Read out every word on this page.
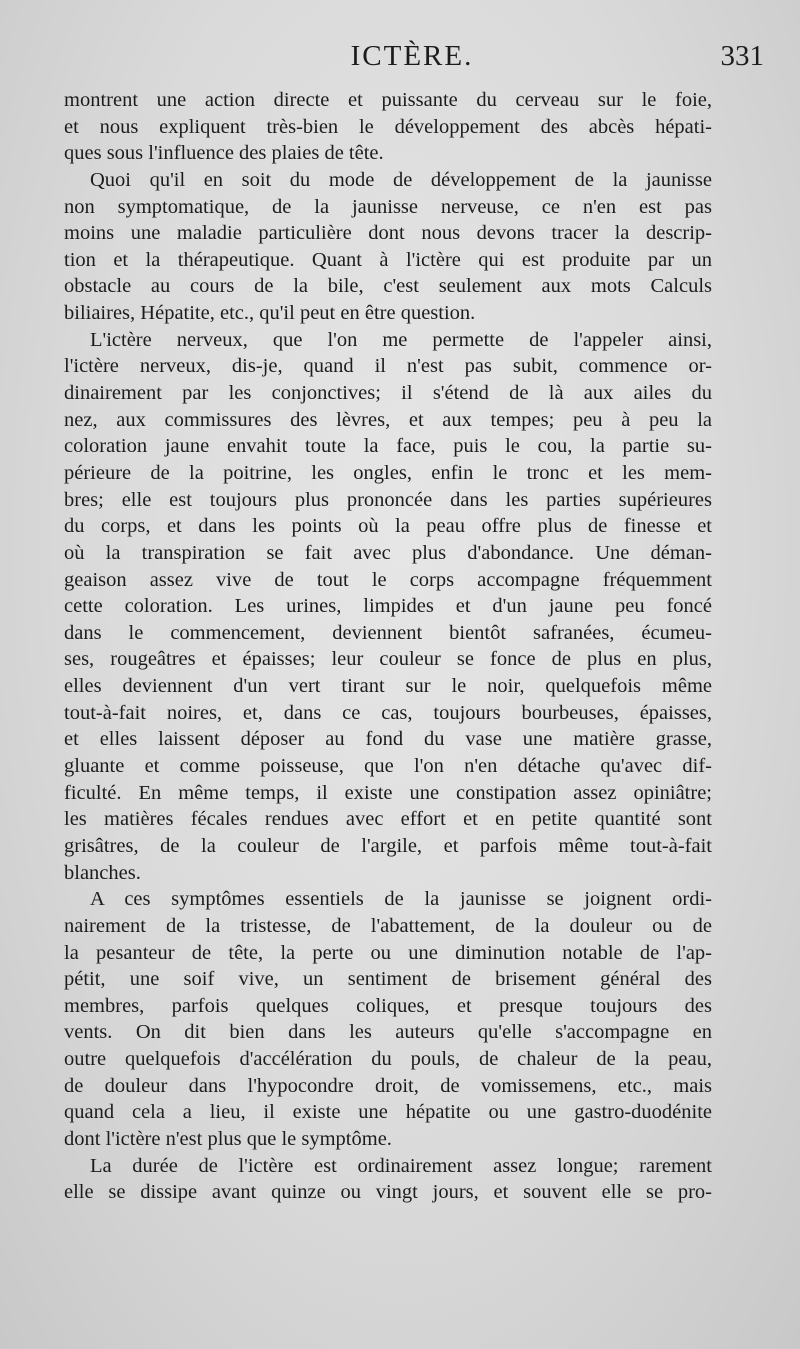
ICTÈRE.	331
montrent une action directe et puissante du cerveau sur le foie,
et nous expliquent très-bien le développement des abcès hépati-
ques sous l'influence des plaies de tête.
Quoi qu'il en soit du mode de développement de la jaunisse
non symptomatique, de la jaunisse nerveuse, ce n'en est pas
moins une maladie particulière dont nous devons tracer la descrip-
tion et la thérapeutique. Quant à l'ictère qui est produite par un
obstacle au cours de la bile, c'est seulement aux mots Calculs
biliaires, Hépatite, etc., qu'il peut en être question.
L'ictère nerveux, que l'on me permette de l'appeler ainsi,
l'ictère nerveux, dis-je, quand il n'est pas subit, commence or-
dinairement par les conjonctives; il s'étend de là aux ailes du
nez, aux commissures des lèvres, et aux tempes; peu à peu la
coloration jaune envahit toute la face, puis le cou, la partie su-
périeure de la poitrine, les ongles, enfin le tronc et les mem-
bres; elle est toujours plus prononcée dans les parties supérieures
du corps, et dans les points où la peau offre plus de finesse et
où la transpiration se fait avec plus d'abondance. Une déman-
geaison assez vive de tout le corps accompagne fréquemment
cette coloration. Les urines, limpides et d'un jaune peu foncé
dans le commencement, deviennent bientôt safranées, écumeu-
ses, rougeâtres et épaisses; leur couleur se fonce de plus en plus,
elles deviennent d'un vert tirant sur le noir, quelquefois même
tout-à-fait noires, et, dans ce cas, toujours bourbeuses, épaisses,
et elles laissent déposer au fond du vase une matière grasse,
gluante et comme poisseuse, que l'on n'en détache qu'avec dif-
ficulté. En même temps, il existe une constipation assez opiniâtre;
les matières fécales rendues avec effort et en petite quantité sont
grisâtres, de la couleur de l'argile, et parfois même tout-à-fait
blanches.
A ces symptômes essentiels de la jaunisse se joignent ordi-
nairement de la tristesse, de l'abattement, de la douleur ou de
la pesanteur de tête, la perte ou une diminution notable de l'ap-
pétit, une soif vive, un sentiment de brisement général des
membres, parfois quelques coliques, et presque toujours des
vents. On dit bien dans les auteurs qu'elle s'accompagne en
outre quelquefois d'accélération du pouls, de chaleur de la peau,
de douleur dans l'hypocondre droit, de vomissemens, etc., mais
quand cela a lieu, il existe une hépatite ou une gastro-duodénite
dont l'ictère n'est plus que le symptôme.
La durée de l'ictère est ordinairement assez longue; rarement
elle se dissipe avant quinze ou vingt jours, et souvent elle se pro-
